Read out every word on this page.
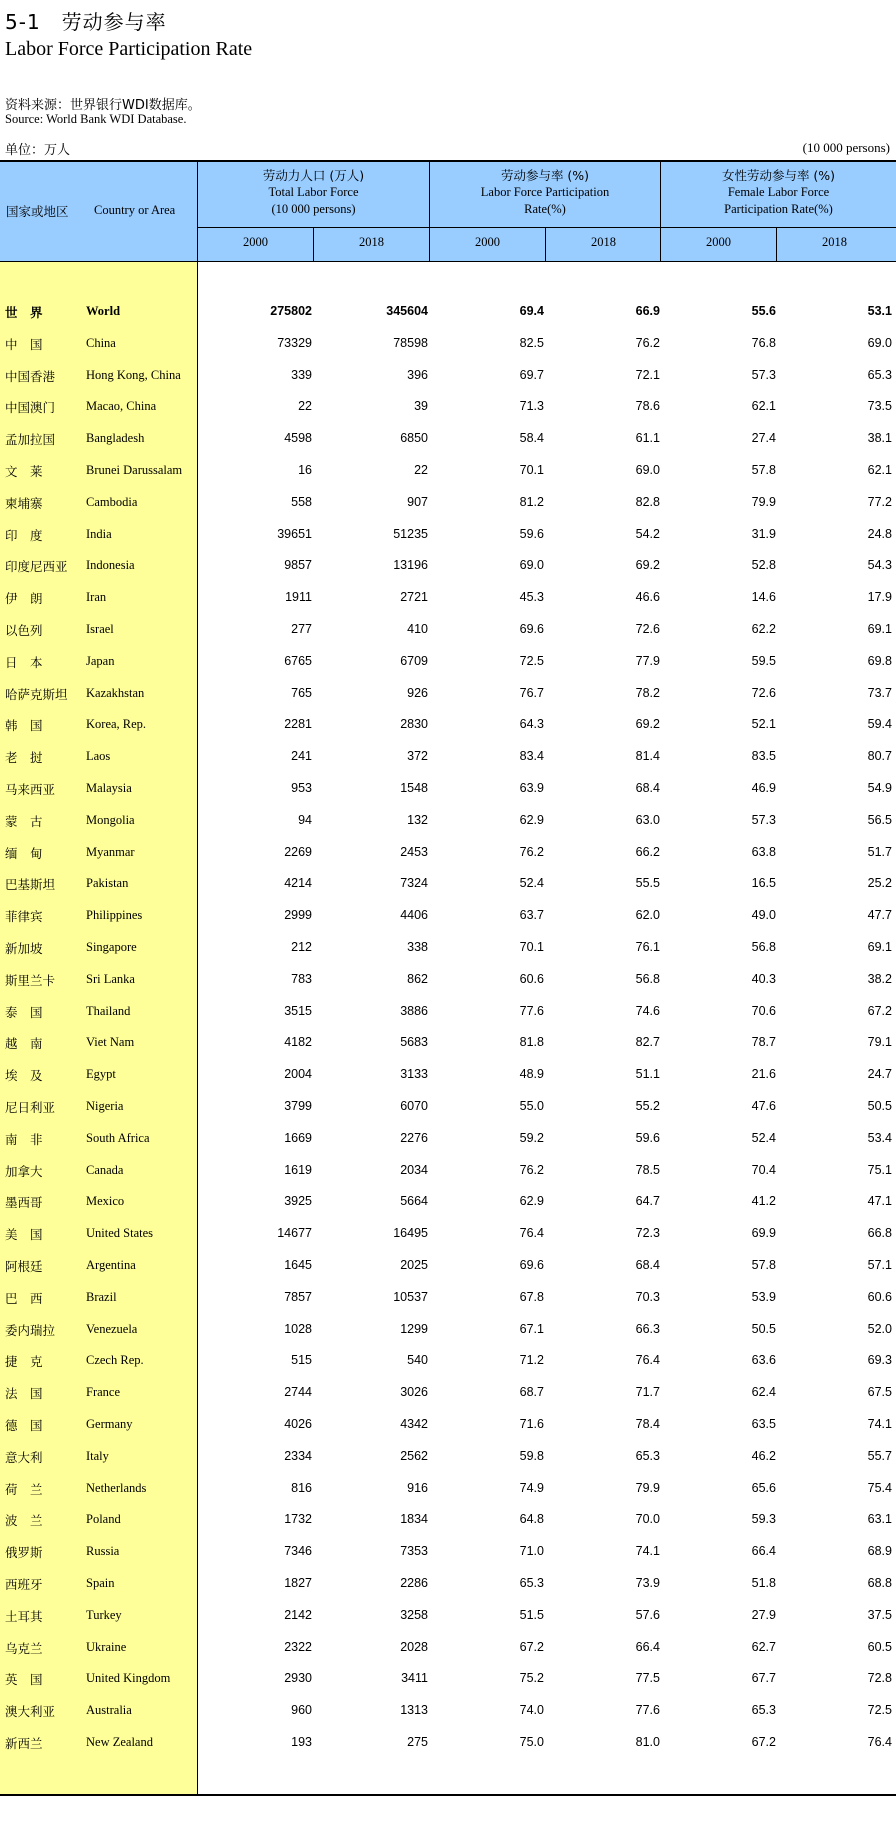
5-1　劳动参与率
Labor Force Participation Rate
资料来源：世界银行WDI数据库。
Source: World Bank WDI Database.
单位：万人	(10 000 persons)
国家或地区 Country or Area
劳动力人口 (万人)
Total Labor Force
(10 000 persons)
劳动参与率 (%)
Labor Force Participation
Rate(%)
女性劳动参与率 (%)
Female Labor Force
Participation Rate(%)
2000	2018	2000	2018	2000	2018
世　界	World	275802	345604	69.4	66.9	55.6	53.1
中　国	China	73329	78598	82.5	76.2	76.8	69.0
中国香港 Hong Kong, China	339	396	69.7	72.1	57.3	65.3
中国澳门 Macao, China	22	39	71.3	78.6	62.1	73.5
孟加拉国 Bangladesh	4598	6850	58.4	61.1	27.4	38.1
文　莱	Brunei Darussalam	16	22	70.1	69.0	57.8	62.1
柬埔寨	Cambodia	558	907	81.2	82.8	79.9	77.2
印　度	India	39651	51235	59.6	54.2	31.9	24.8
印度尼西亚 Indonesia	9857	13196	69.0	69.2	52.8	54.3
伊　朗	Iran	1911	2721	45.3	46.6	14.6	17.9
以色列	Israel	277	410	69.6	72.6	62.2	69.1
日　本	Japan	6765	6709	72.5	77.9	59.5	69.8
哈萨克斯坦 Kazakhstan	765	926	76.7	78.2	72.6	73.7
韩　国	Korea, Rep.	2281	2830	64.3	69.2	52.1	59.4
老　挝	Laos	241	372	83.4	81.4	83.5	80.7
马来西亚 Malaysia	953	1548	63.9	68.4	46.9	54.9
蒙　古	Mongolia	94	132	62.9	63.0	57.3	56.5
缅　甸	Myanmar	2269	2453	76.2	66.2	63.8	51.7
巴基斯坦 Pakistan	4214	7324	52.4	55.5	16.5	25.2
菲律宾	Philippines	2999	4406	63.7	62.0	49.0	47.7
新加坡	Singapore	212	338	70.1	76.1	56.8	69.1
斯里兰卡 Sri Lanka	783	862	60.6	56.8	40.3	38.2
泰　国	Thailand	3515	3886	77.6	74.6	70.6	67.2
越　南	Viet Nam	4182	5683	81.8	82.7	78.7	79.1
埃　及	Egypt	2004	3133	48.9	51.1	21.6	24.7
尼日利亚 Nigeria	3799	6070	55.0	55.2	47.6	50.5
南　非	South Africa	1669	2276	59.2	59.6	52.4	53.4
加拿大	Canada	1619	2034	76.2	78.5	70.4	75.1
墨西哥	Mexico	3925	5664	62.9	64.7	41.2	47.1
美　国	United States	14677	16495	76.4	72.3	69.9	66.8
阿根廷	Argentina	1645	2025	69.6	68.4	57.8	57.1
巴　西	Brazil	7857	10537	67.8	70.3	53.9	60.6
委内瑞拉 Venezuela	1028	1299	67.1	66.3	50.5	52.0
捷　克	Czech Rep.	515	540	71.2	76.4	63.6	69.3
法　国	France	2744	3026	68.7	71.7	62.4	67.5
德　国	Germany	4026	4342	71.6	78.4	63.5	74.1
意大利	Italy	2334	2562	59.8	65.3	46.2	55.7
荷　兰	Netherlands	816	916	74.9	79.9	65.6	75.4
波　兰	Poland	1732	1834	64.8	70.0	59.3	63.1
俄罗斯	Russia	7346	7353	71.0	74.1	66.4	68.9
西班牙	Spain	1827	2286	65.3	73.9	51.8	68.8
土耳其	Turkey	2142	3258	51.5	57.6	27.9	37.5
乌克兰	Ukraine	2322	2028	67.2	66.4	62.7	60.5
英　国	United Kingdom	2930	3411	75.2	77.5	67.7	72.8
澳大利亚 Australia	960	1313	74.0	77.6	65.3	72.5
新西兰	New Zealand	193	275	75.0	81.0	67.2	76.4
